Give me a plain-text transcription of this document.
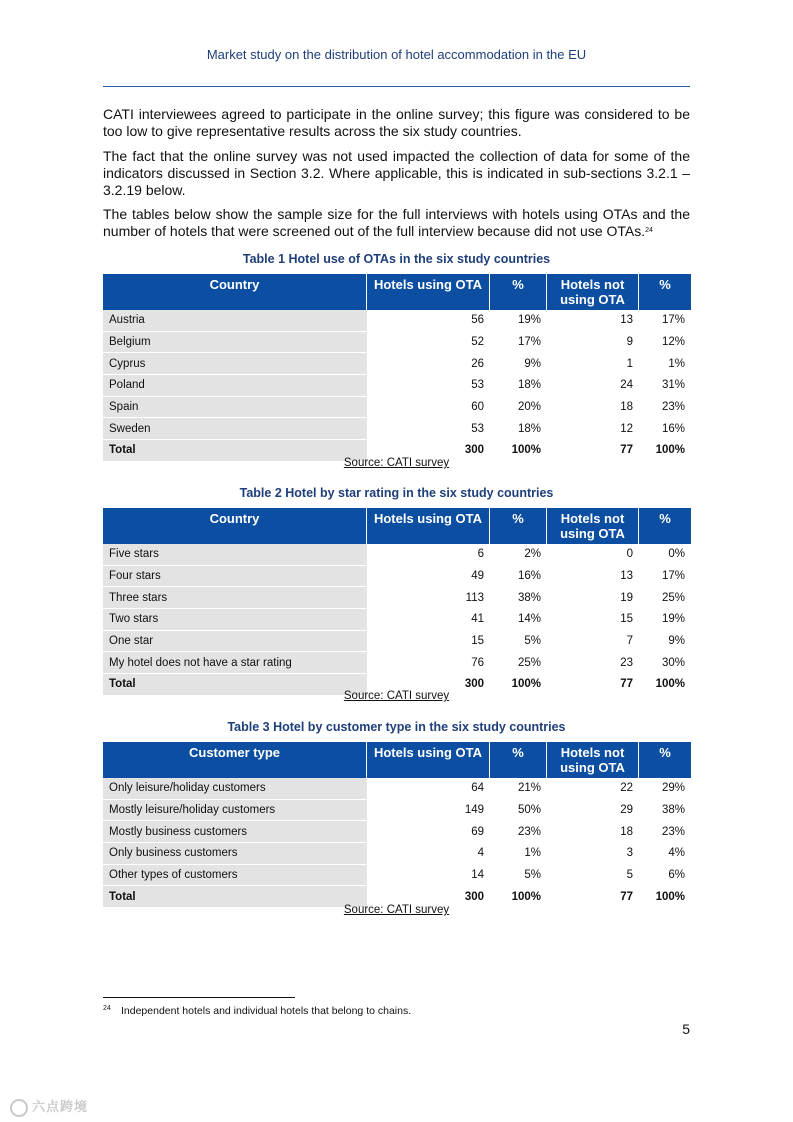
Market study on the distribution of hotel accommodation in the EU
CATI interviewees agreed to participate in the online survey; this figure was considered to be too low to give representative results across the six study countries.
The fact that the online survey was not used impacted the collection of data for some of the indicators discussed in Section 3.2. Where applicable, this is indicated in sub-sections 3.2.1 – 3.2.19 below.
The tables below show the sample size for the full interviews with hotels using OTAs and the number of hotels that were screened out of the full interview because did not use OTAs.$^{24}$
Table 1 Hotel use of OTAs in the six study countries
Country	Hotels using OTA	%	Hotels not using OTA	%
Austria	56	19%	13	17%
Belgium	52	17%	9	12%
Cyprus	26	9%	1	1%
Poland	53	18%	24	31%
Spain	60	20%	18	23%
Sweden	53	18%	12	16%
Total	300	100%	77	100%
Source: CATI survey
Table 2 Hotel by star rating in the six study countries
Country	Hotels using OTA	%	Hotels not using OTA	%
Five stars	6	2%	0	0%
Four stars	49	16%	13	17%
Three stars	113	38%	19	25%
Two stars	41	14%	15	19%
One star	15	5%	7	9%
My hotel does not have a star rating	76	25%	23	30%
Total	300	100%	77	100%
Source: CATI survey
Table 3 Hotel by customer type in the six study countries
Customer type	Hotels using OTA	%	Hotels not using OTA	%
Only leisure/holiday customers	64	21%	22	29%
Mostly leisure/holiday customers	149	50%	29	38%
Mostly business customers	69	23%	18	23%
Only business customers	4	1%	3	4%
Other types of customers	14	5%	5	6%
Total	300	100%	77	100%
Source: CATI survey
24 Independent hotels and individual hotels that belong to chains.
5
六点跨境
